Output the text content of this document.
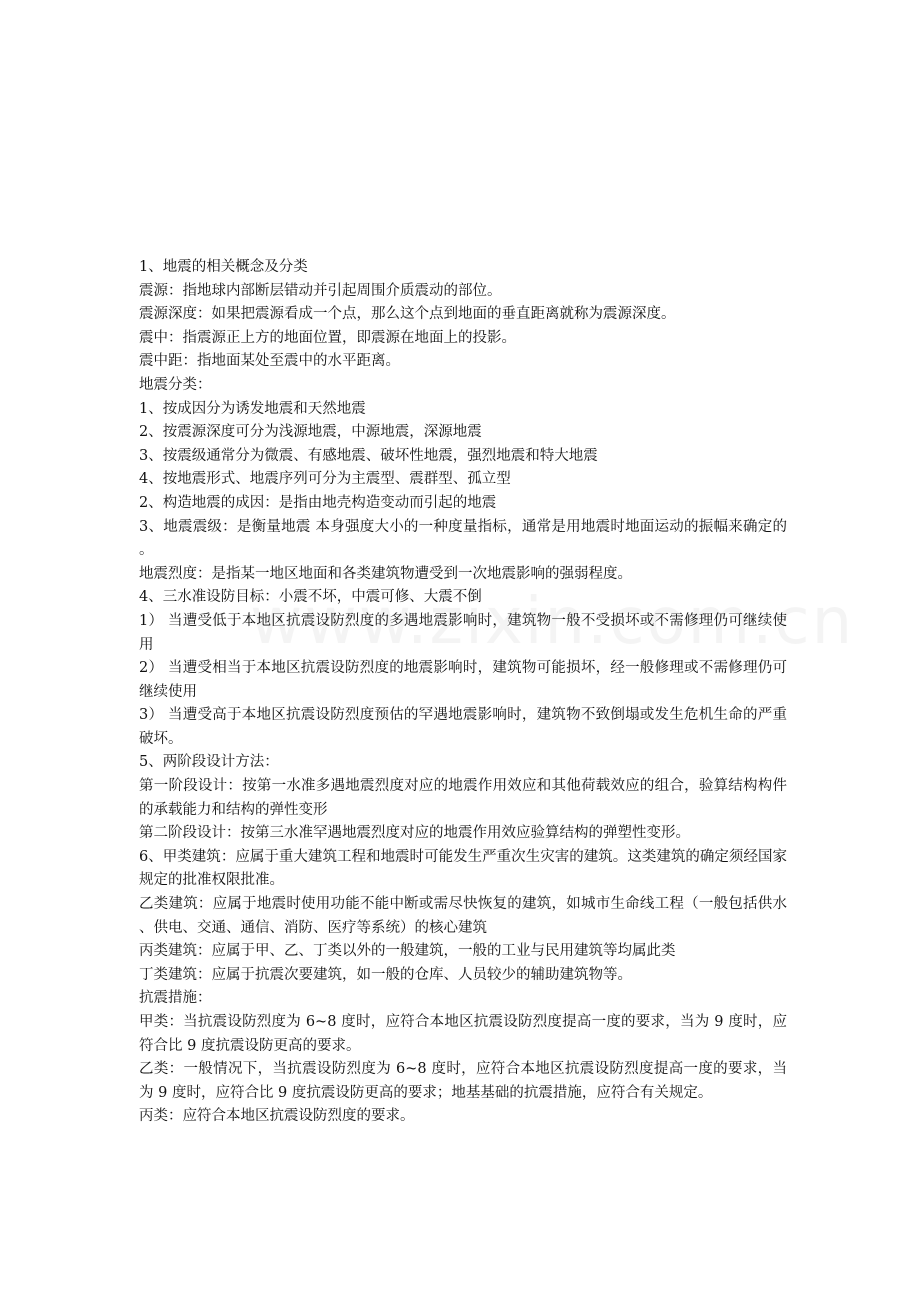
1、地震的相关概念及分类

震源：指地球内部断层错动并引起周围介质震动的部位。

震源深度：如果把震源看成一个点，那么这个点到地面的垂直距离就称为震源深度。

震中：指震源正上方的地面位置，即震源在地面上的投影。

震中距：指地面某处至震中的水平距离。

地震分类：

1、按成因分为诱发地震和天然地震

2、按震源深度可分为浅源地震，中源地震，深源地震

3、按震级通常分为微震、有感地震、破坏性地震，强烈地震和特大地震

4、按地震形式、地震序列可分为主震型、震群型、孤立型

2、构造地震的成因：是指由地壳构造变动而引起的地震

3、地震震级：是衡量地震 本身强度大小的一种度量指标，通常是用地震时地面运动的振幅来确定的。

地震烈度：是指某一地区地面和各类建筑物遭受到一次地震影响的强弱程度。

4、三水准设防目标：小震不坏，中震可修、大震不倒

1） 当遭受低于本地区抗震设防烈度的多遇地震影响时，建筑物一般不受损坏或不需修理仍可继续使用

2） 当遭受相当于本地区抗震设防烈度的地震影响时，建筑物可能损坏，经一般修理或不需修理仍可继续使用

3） 当遭受高于本地区抗震设防烈度预估的罕遇地震影响时，建筑物不致倒塌或发生危机生命的严重破坏。

5、两阶段设计方法：

第一阶段设计：按第一水准多遇地震烈度对应的地震作用效应和其他荷载效应的组合，验算结构构件的承载能力和结构的弹性变形

第二阶段设计：按第三水准罕遇地震烈度对应的地震作用效应验算结构的弹塑性变形。

6、甲类建筑：应属于重大建筑工程和地震时可能发生严重次生灾害的建筑。这类建筑的确定须经国家规定的批准权限批准。

乙类建筑：应属于地震时使用功能不能中断或需尽快恢复的建筑，如城市生命线工程（一般包括供水、供电、交通、通信、消防、医疗等系统）的核心建筑

丙类建筑：应属于甲、乙、丁类以外的一般建筑，一般的工业与民用建筑等均属此类

丁类建筑：应属于抗震次要建筑，如一般的仓库、人员较少的辅助建筑物等。

抗震措施：

甲类：当抗震设防烈度为 6~8 度时，应符合本地区抗震设防烈度提高一度的要求，当为 9 度时，应符合比 9 度抗震设防更高的要求。

乙类：一般情况下，当抗震设防烈度为 6~8 度时，应符合本地区抗震设防烈度提高一度的要求，当为 9 度时，应符合比 9 度抗震设防更高的要求；地基基础的抗震措施，应符合有关规定。

丙类：应符合本地区抗震设防烈度的要求。
